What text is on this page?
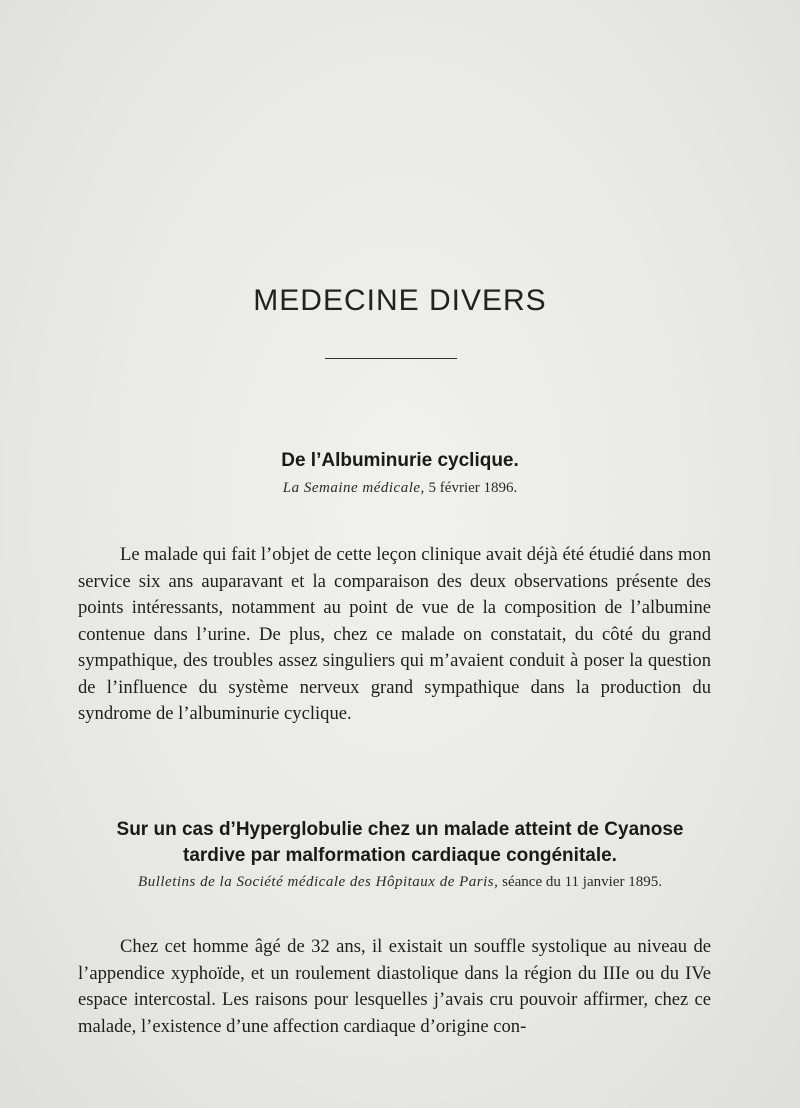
MEDECINE DIVERS
De l’Albuminurie cyclique.
La Semaine médicale, 5 février 1896.

Le malade qui fait l’objet de cette leçon clinique avait déjà été étudié dans mon service six ans auparavant et la comparaison des deux observations présente des points intéressants, notamment au point de vue de la composition de l’albumine contenue dans l’urine. De plus, chez ce malade on constatait, du côté du grand sympathique, des troubles assez singuliers qui m’avaient conduit à poser la question de l’influence du système nerveux grand sympathique dans la production du syndrome de l’albuminurie cyclique.

Sur un cas d’Hyperglobulie chez un malade atteint de Cyanose
tardive par malformation cardiaque congénitale.
Bulletins de la Société médicale des Hôpitaux de Paris, séance du 11 janvier 1895.

Chez cet homme âgé de 32 ans, il existait un souffle systolique au niveau de l’appendice xyphoïde, et un roulement diastolique dans la région du IIIe ou du IVe espace intercostal. Les raisons pour lesquelles j’avais cru pouvoir affirmer, chez ce malade, l’existence d’une affection cardiaque d’origine con-
